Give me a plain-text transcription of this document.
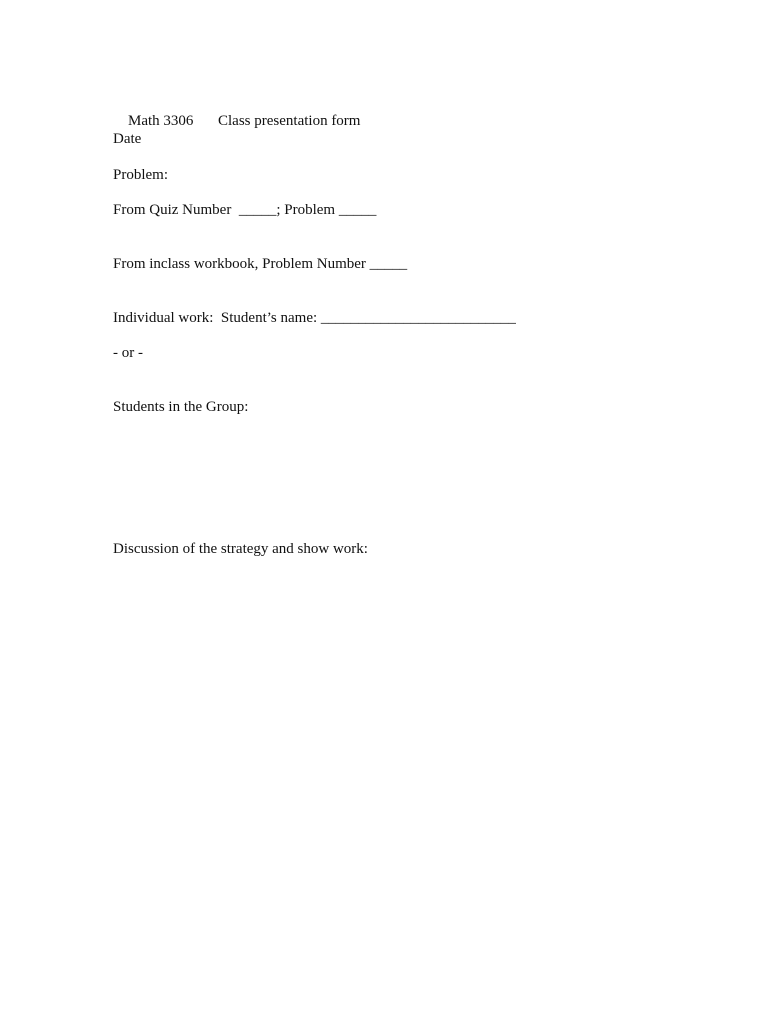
Math 3306 Class presentation form

Date
Problem:
From Quiz Number  _____; Problem _____
From inclass workbook, Problem Number _____
Individual work:  Student’s name: __________________________
- or -
Students in the Group:
Discussion of the strategy and show work:
